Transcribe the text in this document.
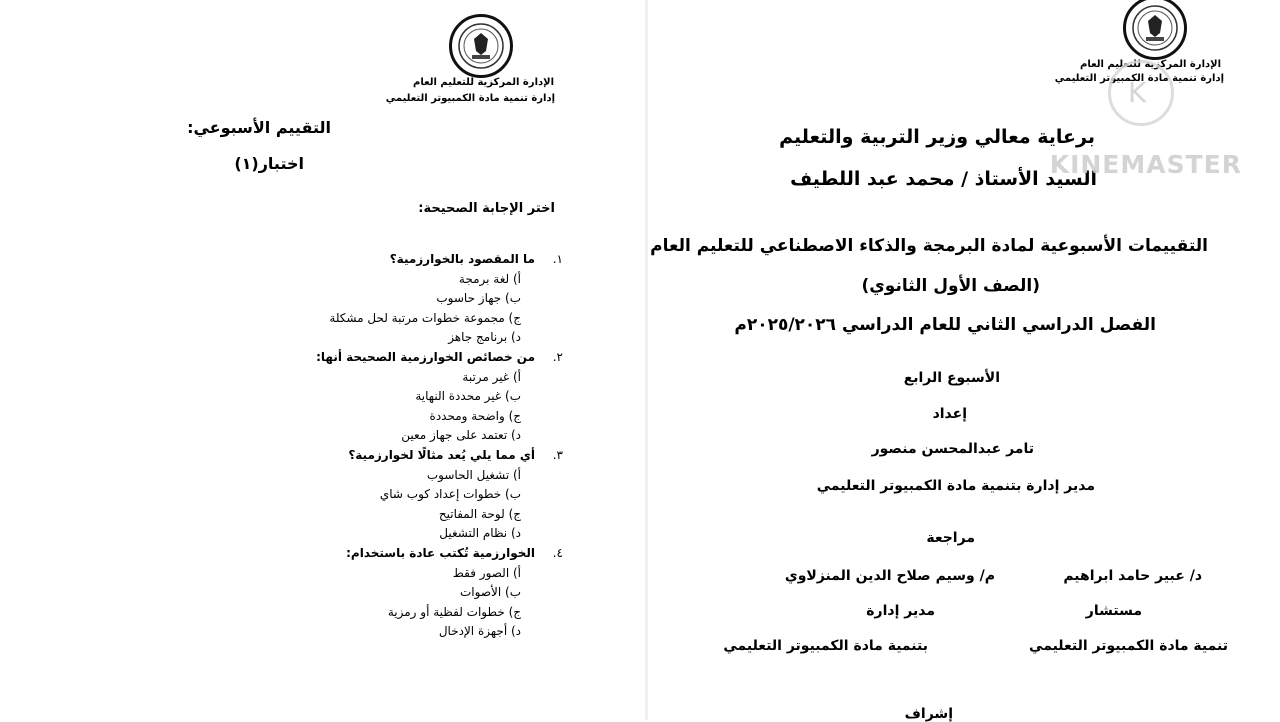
الإدارة المركزية للتعليم العام
إدارة تنمية مادة الكمبيوتر التعليمي
التقييم الأسبوعي:
اختبار(١)
اختر الإجابة الصحيحة:
١.
ما المقصود بالخوارزمية؟
أ) لغة برمجة
ب) جهاز حاسوب
ج) مجموعة خطوات مرتبة لحل مشكلة
د) برنامج جاهز
٢.
من خصائص الخوارزمية الصحيحة أنها:
أ) غير مرتبة
ب) غير محددة النهاية
ج) واضحة ومحددة
د) تعتمد على جهاز معين
٣.
أي مما يلي يُعد مثالًا لخوارزمية؟
أ) تشغيل الحاسوب
ب) خطوات إعداد كوب شاي
ج) لوحة المفاتيح
د) نظام التشغيل
٤.
الخوارزمية تُكتب عادة باستخدام:
أ) الصور فقط
ب) الأصوات
ج) خطوات لفظية أو رمزية
د) أجهزة الإدخال
الإدارة المركزية للتعليم العام
إدارة تنمية مادة الكمبيوتر التعليمي
برعاية معالي وزير التربية والتعليم
السيد الأستاذ / محمد عبد اللطيف
التقييمات الأسبوعية لمادة البرمجة والذكاء الاصطناعي للتعليم العام
(الصف الأول الثانوي)
الفصل الدراسي الثاني للعام الدراسي ٢٠٢٥/٢٠٢٦م
الأسبوع الرابع
إعداد
تامر عبدالمحسن منصور
مدير إدارة بتنمية مادة الكمبيوتر التعليمي
مراجعة
د/ عبير حامد ابراهيم
مستشار
تنمية مادة الكمبيوتر التعليمي
م/ وسيم صلاح الدين المنزلاوي
مدير إدارة
بتنمية مادة الكمبيوتر التعليمي
إشراف
K
KINEMASTER
